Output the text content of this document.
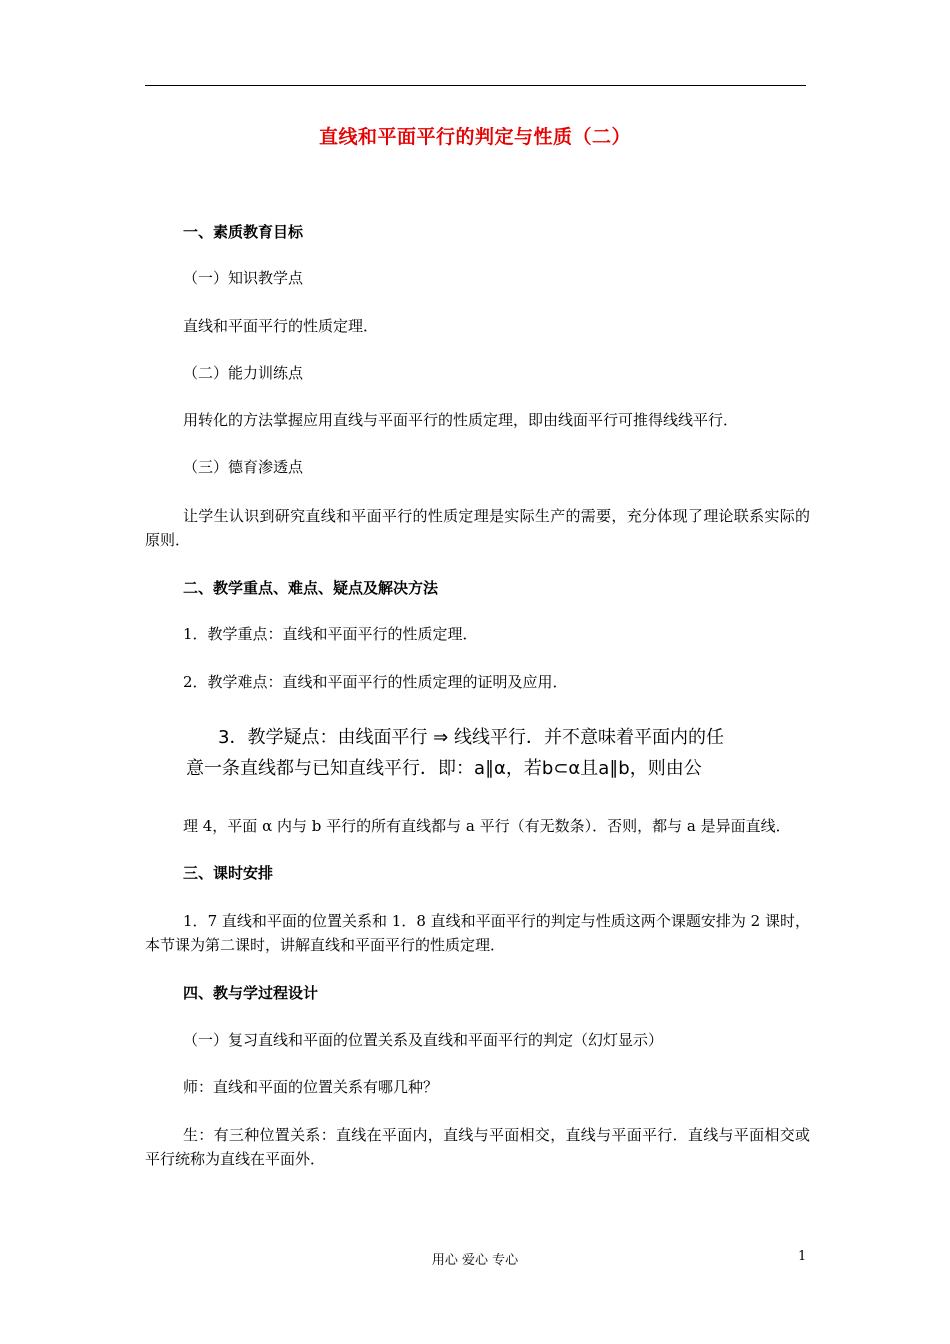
直线和平面平行的判定与性质（二）
一、素质教育目标
（一）知识教学点
直线和平面平行的性质定理．
（二）能力训练点
用转化的方法掌握应用直线与平面平行的性质定理，即由线面平行可推得线线平行．
（三）德育渗透点
让学生认识到研究直线和平面平行的性质定理是实际生产的需要，充分体现了理论联系实际的原则．
二、教学重点、难点、疑点及解决方法
1．教学重点：直线和平面平行的性质定理．
2．教学难点：直线和平面平行的性质定理的证明及应用．
3．教学疑点：由线面平行 ⇒ 线线平行．并不意味着平面内的任
意一条直线都与已知直线平行．即：a∥α，若b⊂α且a∥b，则由公
理 4，平面 α 内与 b 平行的所有直线都与 a 平行（有无数条）．否则，都与 a 是异面直线．
三、课时安排
1．7 直线和平面的位置关系和 1．8 直线和平面平行的判定与性质这两个课题安排为 2 课时，本节课为第二课时，讲解直线和平面平行的性质定理．
四、教与学过程设计
（一）复习直线和平面的位置关系及直线和平面平行的判定（幻灯显示）
师：直线和平面的位置关系有哪几种？
生：有三种位置关系：直线在平面内，直线与平面相交，直线与平面平行．直线与平面相交或平行统称为直线在平面外．
用心 爱心 专心	1
